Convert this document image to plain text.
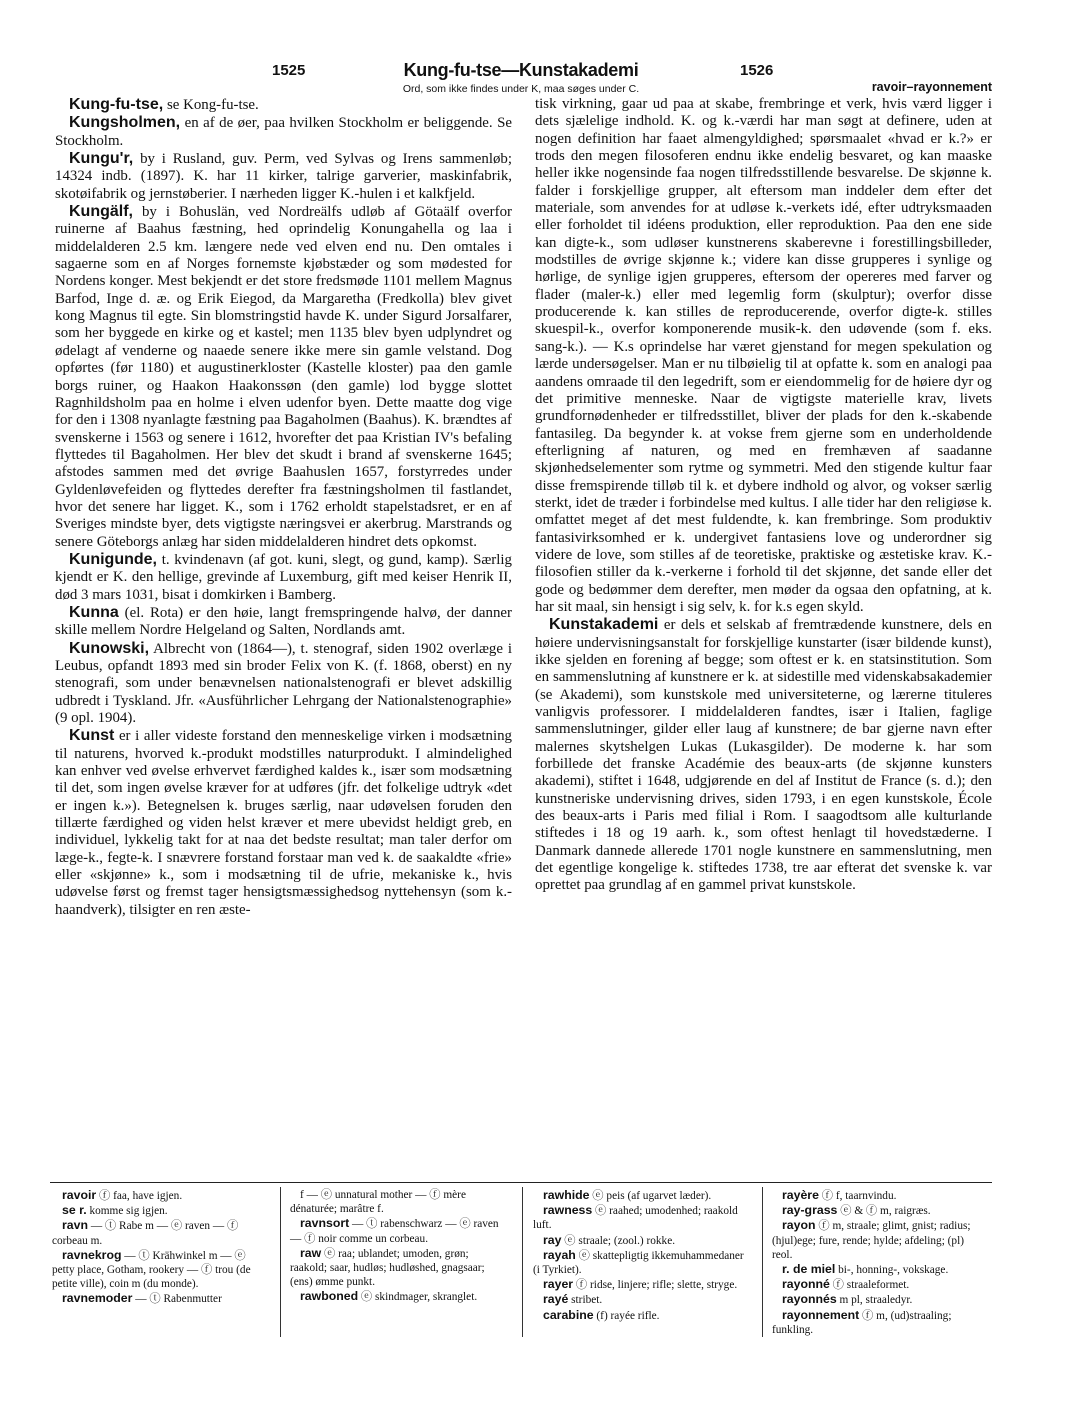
1525	Kung-fu-tse—Kunstakademi	1526
Ord, som ikke findes under K, maa søges under C.	ravoir–rayonnement

Kung-fu-tse, se Kong-fu-tse.

Kungsholmen, en af de øer, paa hvilken Stockholm er beliggende. Se Stockholm.

Kungu'r, by i Rusland, guv. Perm, ved Sylvas og Irens sammenløb; 14324 indb. (1897). K. har 11 kirker, talrige garverier, maskinfabrik, skotøifabrik og jernstøberier. I nærheden ligger K.-hulen i et kalkfjeld.

Kungälf, by i Bohuslän, ved Nordreälfs udløb af Götaälf overfor ruinerne af Baahus fæstning, hed oprindelig Konungahella og laa i middelalderen 2.5 km. længere nede ved elven end nu. Den omtales i sagaerne som en af Norges fornemste kjøbstæder og som mødested for Nordens konger. Mest bekjendt er det store fredsmøde 1101 mellem Magnus Barfod, Inge d. æ. og Erik Eiegod, da Margaretha (Fredkolla) blev givet kong Magnus til egte. Sin blomstringstid havde K. under Sigurd Jorsalfarer, som her byggede en kirke og et kastel; men 1135 blev byen udplyndret og ødelagt af venderne og naaede senere ikke mere sin gamle velstand. Dog opførtes (før 1180) et augustinerkloster (Kastelle kloster) paa den gamle borgs ruiner, og Haakon Haakonssøn (den gamle) lod bygge slottet Ragnhildsholm paa en holme i elven udenfor byen. Dette maatte dog vige for den i 1308 nyanlagte fæstning paa Bagaholmen (Baahus). K. brændtes af svenskerne i 1563 og senere i 1612, hvorefter det paa Kristian IV's befaling flyttedes til Bagaholmen. Her blev det skudt i brand af svenskerne 1645; afstodes sammen med det øvrige Baahuslen 1657, forstyrredes under Gyldenløvefeiden og flyttedes derefter fra fæstningsholmen til fastlandet, hvor det senere har ligget. K., som i 1762 erholdt stapelstadsret, er en af Sveriges mindste byer, dets vigtigste næringsvei er akerbrug. Marstrands og senere Göteborgs anlæg har siden middelalderen hindret dets opkomst.

Kunigunde, t. kvindenavn (af got. kuni, slegt, og gund, kamp). Særlig kjendt er K. den hellige, grevinde af Luxemburg, gift med keiser Henrik II, død 3 mars 1031, bisat i domkirken i Bamberg.

Kunna (el. Rota) er den høie, langt fremspringende halvø, der danner skille mellem Nordre Helgeland og Salten, Nordlands amt.

Kunowski, Albrecht von (1864—), t. stenograf, siden 1902 overlæge i Leubus, opfandt 1893 med sin broder Felix von K. (f. 1868, oberst) en ny stenografi, som under benævnelsen nationalstenografi er blevet adskillig udbredt i Tyskland. Jfr. «Ausführlicher Lehrgang der Nationalstenographie» (9 opl. 1904).

Kunst er i aller videste forstand den menneskelige virken i modsætning til naturens, hvorved k.-produkt modstilles naturprodukt. I almindelighed kan enhver ved øvelse erhvervet færdighed kaldes k., især som modsætning til det, som ingen øvelse kræver for at udføres (jfr. det folkelige udtryk «det er ingen k.»). Betegnelsen k. bruges særlig, naar udøvelsen foruden den tillærte færdighed og viden helst kræver et mere ubevidst heldigt greb, en individuel, lykkelig takt for at naa det bedste resultat; man taler derfor om læge-k., fegte-k. I snævrere forstand forstaar man ved k. de saakaldte «frie» eller «skjønne» k., som i modsætning til de ufrie, mekaniske k., hvis udøvelse først og fremst tager hensigtsmæssighedsog nyttehensyn (som k.-haandverk), tilsigter en ren æste-

tisk virkning, gaar ud paa at skabe, frembringe et verk, hvis værd ligger i dets sjælelige indhold. K. og k.-værdi har man søgt at definere, uden at nogen definition har faaet almengyldighed; spørsmaalet «hvad er k.?» er trods den megen filosoferen endnu ikke endelig besvaret, og kan maaske heller ikke nogensinde faa nogen tilfredsstillende besvarelse. De skjønne k. falder i forskjellige grupper, alt eftersom man inddeler dem efter det materiale, som anvendes for at udløse k.-verkets idé, efter udtryksmaaden eller forholdet til idéens produktion, eller reproduktion. Paa den ene side kan digte-k., som udløser kunstnerens skaberevne i forestillingsbilleder, modstilles de øvrige skjønne k.; videre kan disse grupperes i synlige og hørlige, de synlige igjen grupperes, eftersom der opereres med farver og flader (maler-k.) eller med legemlig form (skulptur); overfor disse producerende k. kan stilles de reproducerende, overfor digte-k. stilles skuespil-k., overfor komponerende musik-k. den udøvende (som f. eks. sang-k.). — K.s oprindelse har været gjenstand for megen spekulation og lærde undersøgelser. Man er nu tilbøielig til at opfatte k. som en analogi paa aandens omraade til den legedrift, som er eiendommelig for de høiere dyr og det primitive menneske. Naar de vigtigste materielle krav, livets grundfornødenheder er tilfredsstillet, bliver der plads for den k.-skabende fantasileg. Da begynder k. at vokse frem gjerne som en underholdende efterligning af naturen, og med en fremhæven af saadanne skjønhedselementer som rytme og symmetri. Med den stigende kultur faar disse fremspirende tilløb til k. et dybere indhold og alvor, og vokser særlig sterkt, idet de træder i forbindelse med kultus. I alle tider har den religiøse k. omfattet meget af det mest fuldendte, k. kan frembringe. Som produktiv fantasivirksomhed er k. undergivet fantasiens love og underordner sig videre de love, som stilles af de teoretiske, praktiske og æstetiske krav. K.-filosofien stiller da k.-verkerne i forhold til det skjønne, det sande eller det gode og bedømmer dem derefter, men møder da ogsaa den opfatning, at k. har sit maal, sin hensigt i sig selv, k. for k.s egen skyld.

Kunstakademi er dels et selskab af fremtrædende kunstnere, dels en høiere undervisningsanstalt for forskjellige kunstarter (især bildende kunst), ikke sjelden en forening af begge; som oftest er k. en statsinstitution. Som en sammenslutning af kunstnere er k. at sidestille med videnskabsakademier (se Akademi), som kunstskole med universiteterne, og lærerne tituleres vanligvis professorer. I middelalderen fandtes, især i Italien, faglige sammenslutninger, gilder eller laug af kunstnere; de bar gjerne navn efter malernes skytshelgen Lukas (Lukasgilder). De moderne k. har som forbillede det franske Académie des beaux-arts (de skjønne kunsters akademi), stiftet i 1648, udgjørende en del af Institut de France (s. d.); den kunstneriske undervisning drives, siden 1793, i en egen kunstskole, École des beaux-arts i Paris med filial i Rom. I saagodtsom alle kulturlande stiftedes i 18 og 19 aarh. k., som oftest henlagt til hovedstæderne. I Danmark dannede allerede 1701 nogle kunstnere en sammenslutning, men det egentlige kongelige k. stiftedes 1738, tre aar efterat det svenske k. var oprettet paa grundlag af en gammel privat kunstskole.

ravoir ⓕ faa, have igjen.

se r. komme sig igjen.

ravn — ⓣ Rabe m — ⓔ raven — ⓕ corbeau m.

ravnekrog — ⓣ Krähwinkel m — ⓔ petty place, Gotham, rookery — ⓕ trou (de petite ville), coin m (du monde).

ravnemoder — ⓣ Rabenmutter

f — ⓔ unnatural mother — ⓕ mère dénaturée; marâtre f.

ravnsort — ⓣ rabenschwarz — ⓔ raven — ⓕ noir comme un corbeau.

raw ⓔ raa; ublandet; umoden, grøn; raakold; saar, hudløs; hudløshed, gnagsaar; (ens) ømme punkt.

rawboned ⓔ skindmager, skranglet.

rawhide ⓔ peis (af ugarvet læder).

rawness ⓔ raahed; umodenhed; raakold luft.

ray ⓔ straale; (zool.) rokke.

rayah ⓔ skattepligtig ikkemuhammedaner (i Tyrkiet).

rayer ⓕ ridse, linjere; rifle; slette, stryge.

rayé stribet.

carabine (f) rayée rifle.

rayère ⓕ f, taarnvindu.

ray-grass ⓔ & ⓕ m, raigræs.

rayon ⓕ m, straale; glimt, gnist; radius; (hjul)ege; fure, rende; hylde; afdeling; (pl) reol.

r. de miel bi-, honning-, vokskage.

rayonné ⓕ straaleformet.

rayonnés m pl, straaledyr.

rayonnement ⓕ m, (ud)straaling; funkling.
